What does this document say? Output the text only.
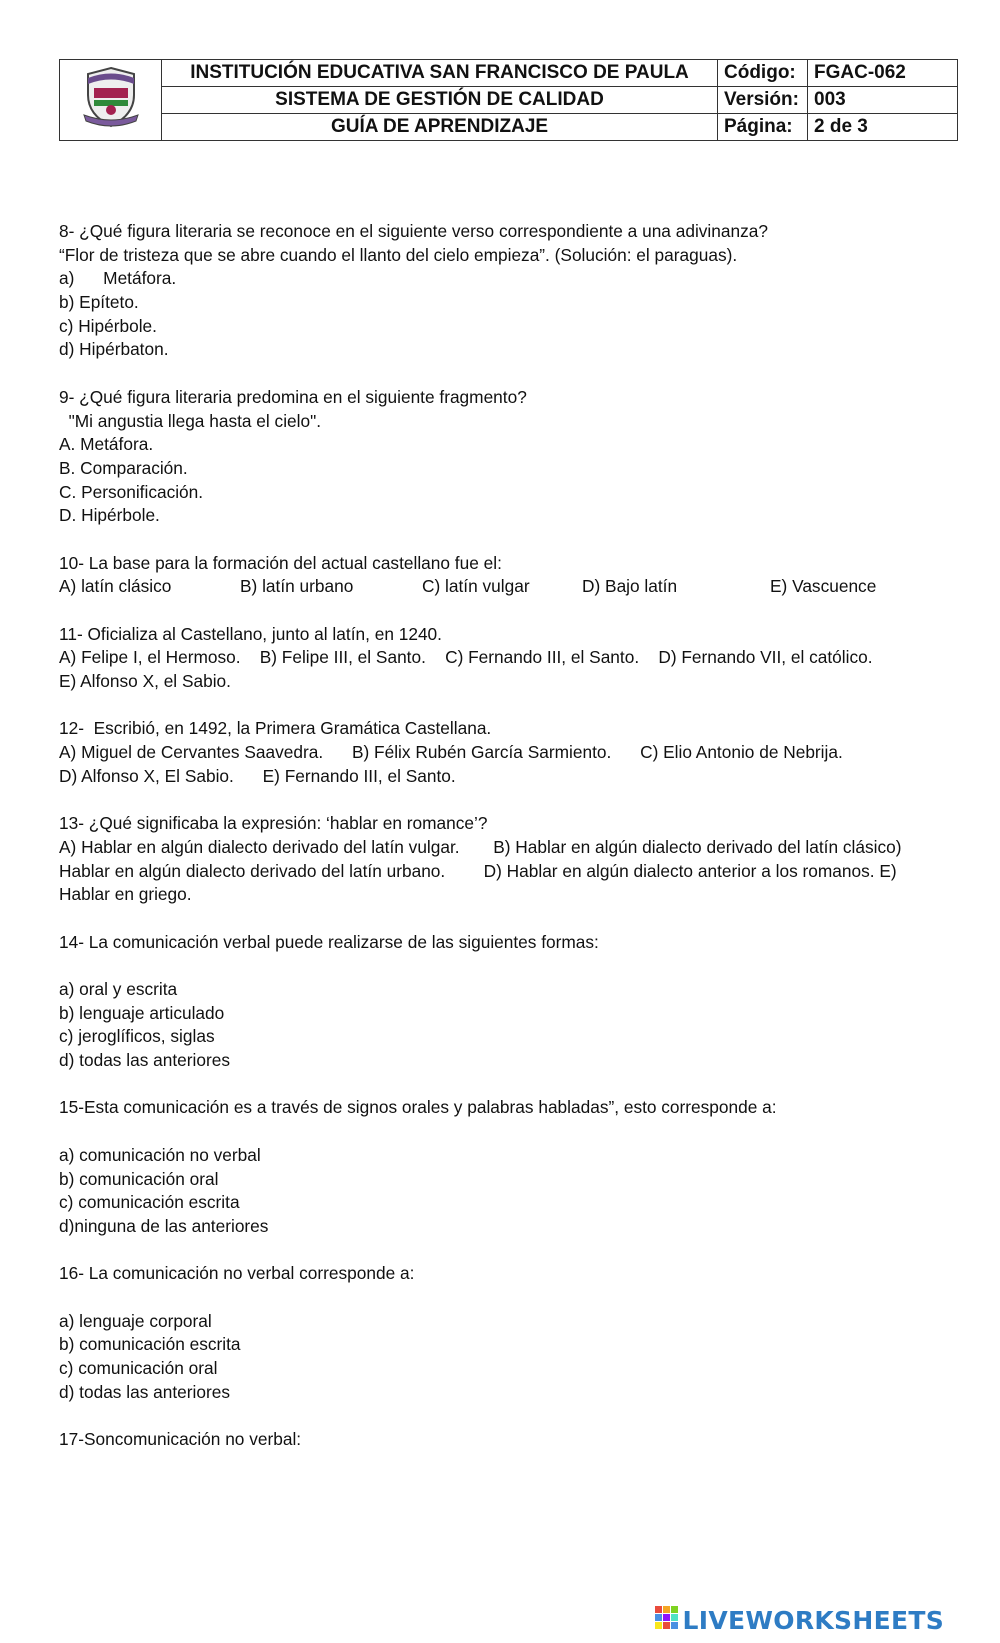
	INSTITUCIÓN EDUCATIVA SAN FRANCISCO DE PAULA	Código:	FGAC-062
	SISTEMA DE GESTIÓN DE CALIDAD	Versión:	003
	GUÍA DE APRENDIZAJE	Página:	2 de 3
8- ¿Qué figura literaria se reconoce en el siguiente verso correspondiente a una adivinanza?
“Flor de tristeza que se abre cuando el llanto del cielo empieza”. (Solución: el paraguas).
a)      Metáfora.
b) Epíteto.
c) Hipérbole.
d) Hipérbaton.
9- ¿Qué figura literaria predomina en el siguiente fragmento?
"Mi angustia llega hasta el cielo".
A. Metáfora.
B. Comparación.
C. Personificación.
D. Hipérbole.
10- La base para la formación del actual castellano fue el:
A) latín clásico	B) latín urbano	C) latín vulgar	D) Bajo latín	E) Vascuence
11- Oficializa al Castellano, junto al latín, en 1240.
A) Felipe I, el Hermoso.    B) Felipe III, el Santo.    C) Fernando III, el Santo.    D) Fernando VII, el católico.
E) Alfonso X, el Sabio.
12-  Escribió, en 1492, la Primera Gramática Castellana.
A) Miguel de Cervantes Saavedra.      B) Félix Rubén García Sarmiento.      C) Elio Antonio de Nebrija.
D) Alfonso X, El Sabio.      E) Fernando III, el Santo.
13- ¿Qué significaba la expresión: ‘hablar en romance’?
A) Hablar en algún dialecto derivado del latín vulgar.       B) Hablar en algún dialecto derivado del latín clásico)
Hablar en algún dialecto derivado del latín urbano.        D) Hablar en algún dialecto anterior a los romanos. E)
Hablar en griego.
14- La comunicación verbal puede realizarse de las siguientes formas:
a) oral y escrita
b) lenguaje articulado
c) jeroglíficos, siglas
d) todas las anteriores
15-Esta comunicación es a través de signos orales y palabras habladas”, esto corresponde a:
a) comunicación no verbal
b) comunicación oral
c) comunicación escrita
d)ninguna de las anteriores
16- La comunicación no verbal corresponde a:
a) lenguaje corporal
b) comunicación escrita
c) comunicación oral
d) todas las anteriores
17-Soncomunicación no verbal:
LIVEWORKSHEETS
